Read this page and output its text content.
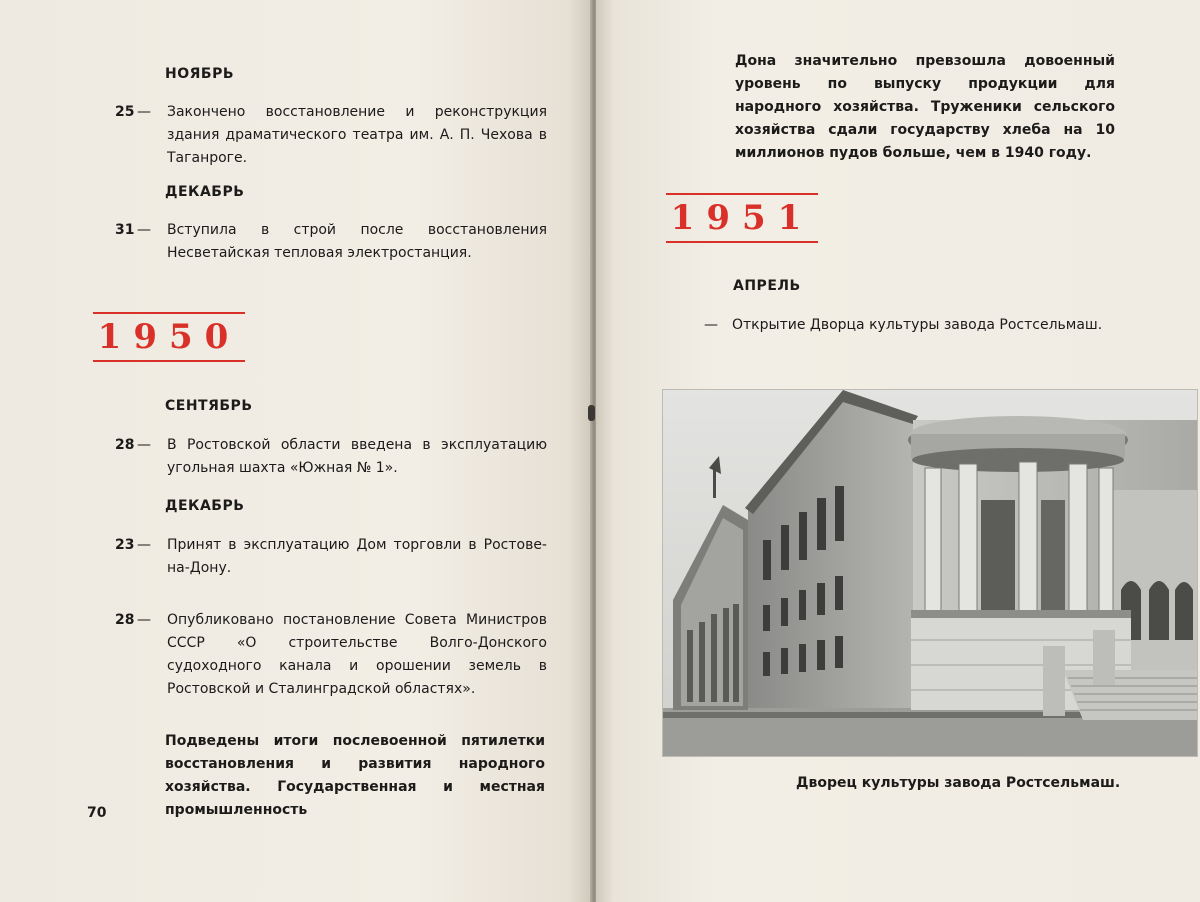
НОЯБРЬ
25 — Закончено восстановление и реконструкция здания драматического театра им. А. П. Чехова в Таганроге.
ДЕКАБРЬ
31 — Вступила в строй после восстановления Несветайская тепловая электростанция.
1950
СЕНТЯБРЬ
28 — В Ростовской области введена в эксплуатацию угольная шахта «Южная № 1».
ДЕКАБРЬ
23 — Принят в эксплуатацию Дом торговли в Ростове-на-Дону.
28 — Опубликовано постановление Совета Министров СССР «О строительстве Волго-Донского судоходного канала и орошении земель в Ростовской и Сталинградской областях».
Подведены итоги послевоенной пятилетки восстановления и развития народного хозяйства. Государственная и местная промышленность
70
Дона значительно превзошла довоенный уровень по выпуску продукции для народного хозяйства. Труженики сельского хозяйства сдали государству хлеба на 10 миллионов пудов больше, чем в 1940 году.
1951
АПРЕЛЬ
— Открытие Дворца культуры завода Ростсельмаш.
Дворец культуры завода Ростсельмаш.
